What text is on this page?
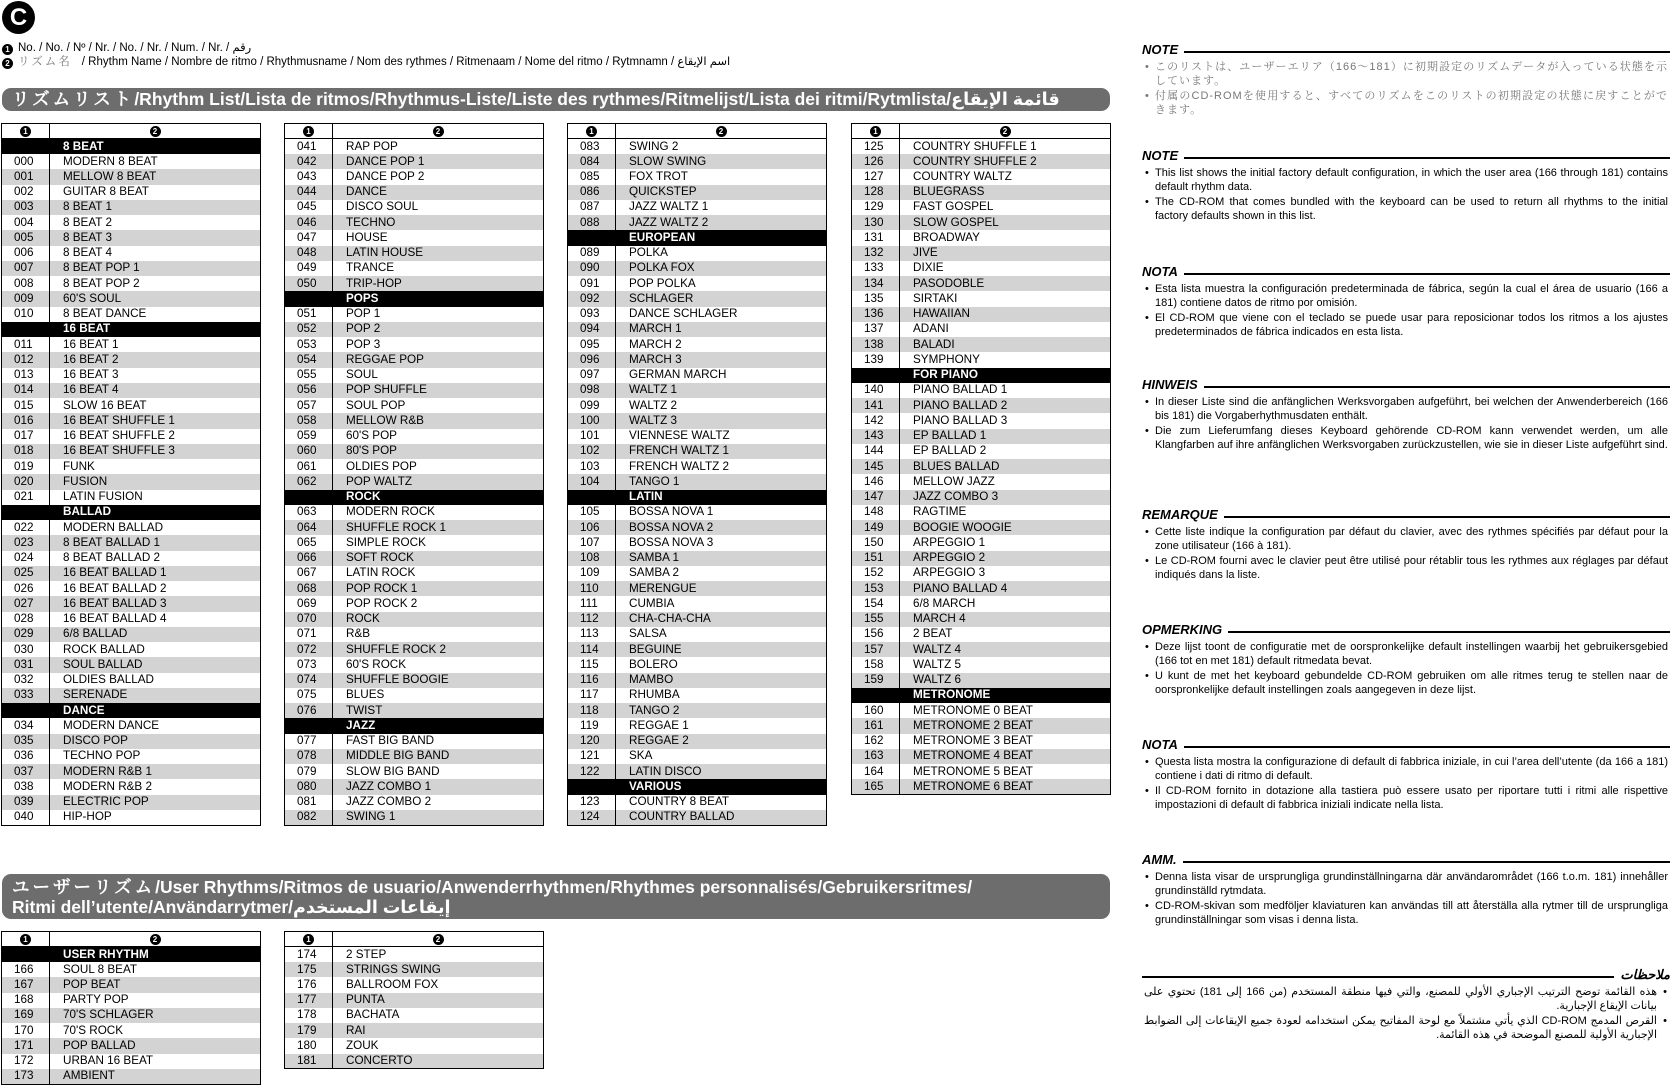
C
1 No. / No. / Nº / Nr. / No. / Nr. / Num. / Nr. / رقم
2 リズム名 / Rhythm Name / Nombre de ritmo / Rhythmusname / Nom des rythmes / Ritmenaam / Nome del ritmo / Rytmnamn / اسم الإيقاع
リズムリスト/Rhythm List/Lista de ritmos/Rhythmus-Liste/Liste des rythmes/Ritmelijst/Lista dei ritmi/Rytmlista/قائمة الإيقاع
1	2
	8 BEAT
000	MODERN 8 BEAT
001	MELLOW 8 BEAT
002	GUITAR 8 BEAT
003	8 BEAT 1
004	8 BEAT 2
005	8 BEAT 3
006	8 BEAT 4
007	8 BEAT POP 1
008	8 BEAT POP 2
009	60'S SOUL
010	8 BEAT DANCE
	16 BEAT
011	16 BEAT 1
012	16 BEAT 2
013	16 BEAT 3
014	16 BEAT 4
015	SLOW 16 BEAT
016	16 BEAT SHUFFLE 1
017	16 BEAT SHUFFLE 2
018	16 BEAT SHUFFLE 3
019	FUNK
020	FUSION
021	LATIN FUSION
	BALLAD
022	MODERN BALLAD
023	8 BEAT BALLAD 1
024	8 BEAT BALLAD 2
025	16 BEAT BALLAD 1
026	16 BEAT BALLAD 2
027	16 BEAT BALLAD 3
028	16 BEAT BALLAD 4
029	6/8 BALLAD
030	ROCK BALLAD
031	SOUL BALLAD
032	OLDIES BALLAD
033	SERENADE
	DANCE
034	MODERN DANCE
035	DISCO POP
036	TECHNO POP
037	MODERN R&B 1
038	MODERN R&B 2
039	ELECTRIC POP
040	HIP-HOP
1	2
041	RAP POP
042	DANCE POP 1
043	DANCE POP 2
044	DANCE
045	DISCO SOUL
046	TECHNO
047	HOUSE
048	LATIN HOUSE
049	TRANCE
050	TRIP-HOP
	POPS
051	POP 1
052	POP 2
053	POP 3
054	REGGAE POP
055	SOUL
056	POP SHUFFLE
057	SOUL POP
058	MELLOW R&B
059	60'S POP
060	80'S POP
061	OLDIES POP
062	POP WALTZ
	ROCK
063	MODERN ROCK
064	SHUFFLE ROCK 1
065	SIMPLE ROCK
066	SOFT ROCK
067	LATIN ROCK
068	POP ROCK 1
069	POP ROCK 2
070	ROCK
071	R&B
072	SHUFFLE ROCK 2
073	60'S ROCK
074	SHUFFLE BOOGIE
075	BLUES
076	TWIST
	JAZZ
077	FAST BIG BAND
078	MIDDLE BIG BAND
079	SLOW BIG BAND
080	JAZZ COMBO 1
081	JAZZ COMBO 2
082	SWING 1
1	2
083	SWING 2
084	SLOW SWING
085	FOX TROT
086	QUICKSTEP
087	JAZZ WALTZ 1
088	JAZZ WALTZ 2
	EUROPEAN
089	POLKA
090	POLKA FOX
091	POP POLKA
092	SCHLAGER
093	DANCE SCHLAGER
094	MARCH 1
095	MARCH 2
096	MARCH 3
097	GERMAN MARCH
098	WALTZ 1
099	WALTZ 2
100	WALTZ 3
101	VIENNESE WALTZ
102	FRENCH WALTZ 1
103	FRENCH WALTZ 2
104	TANGO 1
	LATIN
105	BOSSA NOVA 1
106	BOSSA NOVA 2
107	BOSSA NOVA 3
108	SAMBA 1
109	SAMBA 2
110	MERENGUE
111	CUMBIA
112	CHA-CHA-CHA
113	SALSA
114	BEGUINE
115	BOLERO
116	MAMBO
117	RHUMBA
118	TANGO 2
119	REGGAE 1
120	REGGAE 2
121	SKA
122	LATIN DISCO
	VARIOUS
123	COUNTRY 8 BEAT
124	COUNTRY BALLAD
1	2
125	COUNTRY SHUFFLE 1
126	COUNTRY SHUFFLE 2
127	COUNTRY WALTZ
128	BLUEGRASS
129	FAST GOSPEL
130	SLOW GOSPEL
131	BROADWAY
132	JIVE
133	DIXIE
134	PASODOBLE
135	SIRTAKI
136	HAWAIIAN
137	ADANI
138	BALADI
139	SYMPHONY
	FOR PIANO
140	PIANO BALLAD 1
141	PIANO BALLAD 2
142	PIANO BALLAD 3
143	EP BALLAD 1
144	EP BALLAD 2
145	BLUES BALLAD
146	MELLOW JAZZ
147	JAZZ COMBO 3
148	RAGTIME
149	BOOGIE WOOGIE
150	ARPEGGIO 1
151	ARPEGGIO 2
152	ARPEGGIO 3
153	PIANO BALLAD 4
154	6/8 MARCH
155	MARCH 4
156	2 BEAT
157	WALTZ 4
158	WALTZ 5
159	WALTZ 6
	METRONOME
160	METRONOME 0 BEAT
161	METRONOME 2 BEAT
162	METRONOME 3 BEAT
163	METRONOME 4 BEAT
164	METRONOME 5 BEAT
165	METRONOME 6 BEAT
ユーザーリズム/User Rhythms/Ritmos de usuario/Anwenderrhythmen/Rhythmes personnalisés/Gebruikersritmes/
Ritmi dell’utente/Användarrytmer/إيقاعات المستخدم
1	2
	USER RHYTHM
166	SOUL 8 BEAT
167	POP BEAT
168	PARTY POP
169	70'S SCHLAGER
170	70'S ROCK
171	POP BALLAD
172	URBAN 16 BEAT
173	AMBIENT
1	2
174	2 STEP
175	STRINGS SWING
176	BALLROOM FOX
177	PUNTA
178	BACHATA
179	RAI
180	ZOUK
181	CONCERTO
NOTE
• このリストは、ユーザーエリア（166〜181）に初期設定のリズムデータが入っている状態を示しています。
• 付属のCD-ROMを使用すると、すべてのリズムをこのリストの初期設定の状態に戻すことができます。
NOTE
• This list shows the initial factory default configuration, in which the user area (166 through 181) contains default rhythm data.
• The CD-ROM that comes bundled with the keyboard can be used to return all rhythms to the initial factory defaults shown in this list.
NOTA
• Esta lista muestra la configuración predeterminada de fábrica, según la cual el área de usuario (166 a 181) contiene datos de ritmo por omisión.
• El CD-ROM que viene con el teclado se puede usar para reposicionar todos los ritmos a los ajustes predeterminados de fábrica indicados en esta lista.
HINWEIS
• In dieser Liste sind die anfänglichen Werksvorgaben aufgeführt, bei welchen der Anwenderbereich (166 bis 181) die Vorgaberhythmusdaten enthält.
• Die zum Lieferumfang dieses Keyboard gehörende CD-ROM kann verwendet werden, um alle Klangfarben auf ihre anfänglichen Werksvorgaben zurückzustellen, wie sie in dieser Liste aufgeführt sind.
REMARQUE
• Cette liste indique la configuration par défaut du clavier, avec des rythmes spécifiés par défaut pour la zone utilisateur (166 à 181).
• Le CD-ROM fourni avec le clavier peut être utilisé pour rétablir tous les rythmes aux réglages par défaut indiqués dans la liste.
OPMERKING
• Deze lijst toont de configuratie met de oorspronkelijke default instellingen waarbij het gebruikersgebied (166 tot en met 181) default ritmedata bevat.
• U kunt de met het keyboard gebundelde CD-ROM gebruiken om alle ritmes terug te stellen naar de oorspronkelijke default instellingen zoals aangegeven in deze lijst.
NOTA
• Questa lista mostra la configurazione di default di fabbrica iniziale, in cui l’area dell’utente (da 166 a 181) contiene i dati di ritmo di default.
• Il CD-ROM fornito in dotazione alla tastiera può essere usato per riportare tutti i ritmi alle rispettive impostazioni di default di fabbrica iniziali indicate nella lista.
AMM.
• Denna lista visar de ursprungliga grundinställningarna där användarområdet (166 t.o.m. 181) innehåller grundinställd rytmdata.
• CD-ROM-skivan som medföljer klaviaturen kan användas till att återställa alla rytmer till de ursprungliga grundinställningar som visas i denna lista.
ملاحظات
• هذه القائمة توضح الترتيب الإجباري الأولي للمصنع، والتي فيها منطقة المستخدم (من 166 إلى 181) تحتوي على بيانات الإيقاع الإجبارية.
• القرص المدمج CD-ROM الذي يأتي مشتملاً مع لوحة المفاتيح يمكن استخدامه لعودة جميع الإيقاعات إلى الضوابط الإجبارية الأولية للمصنع الموضحة في هذه القائمة.
